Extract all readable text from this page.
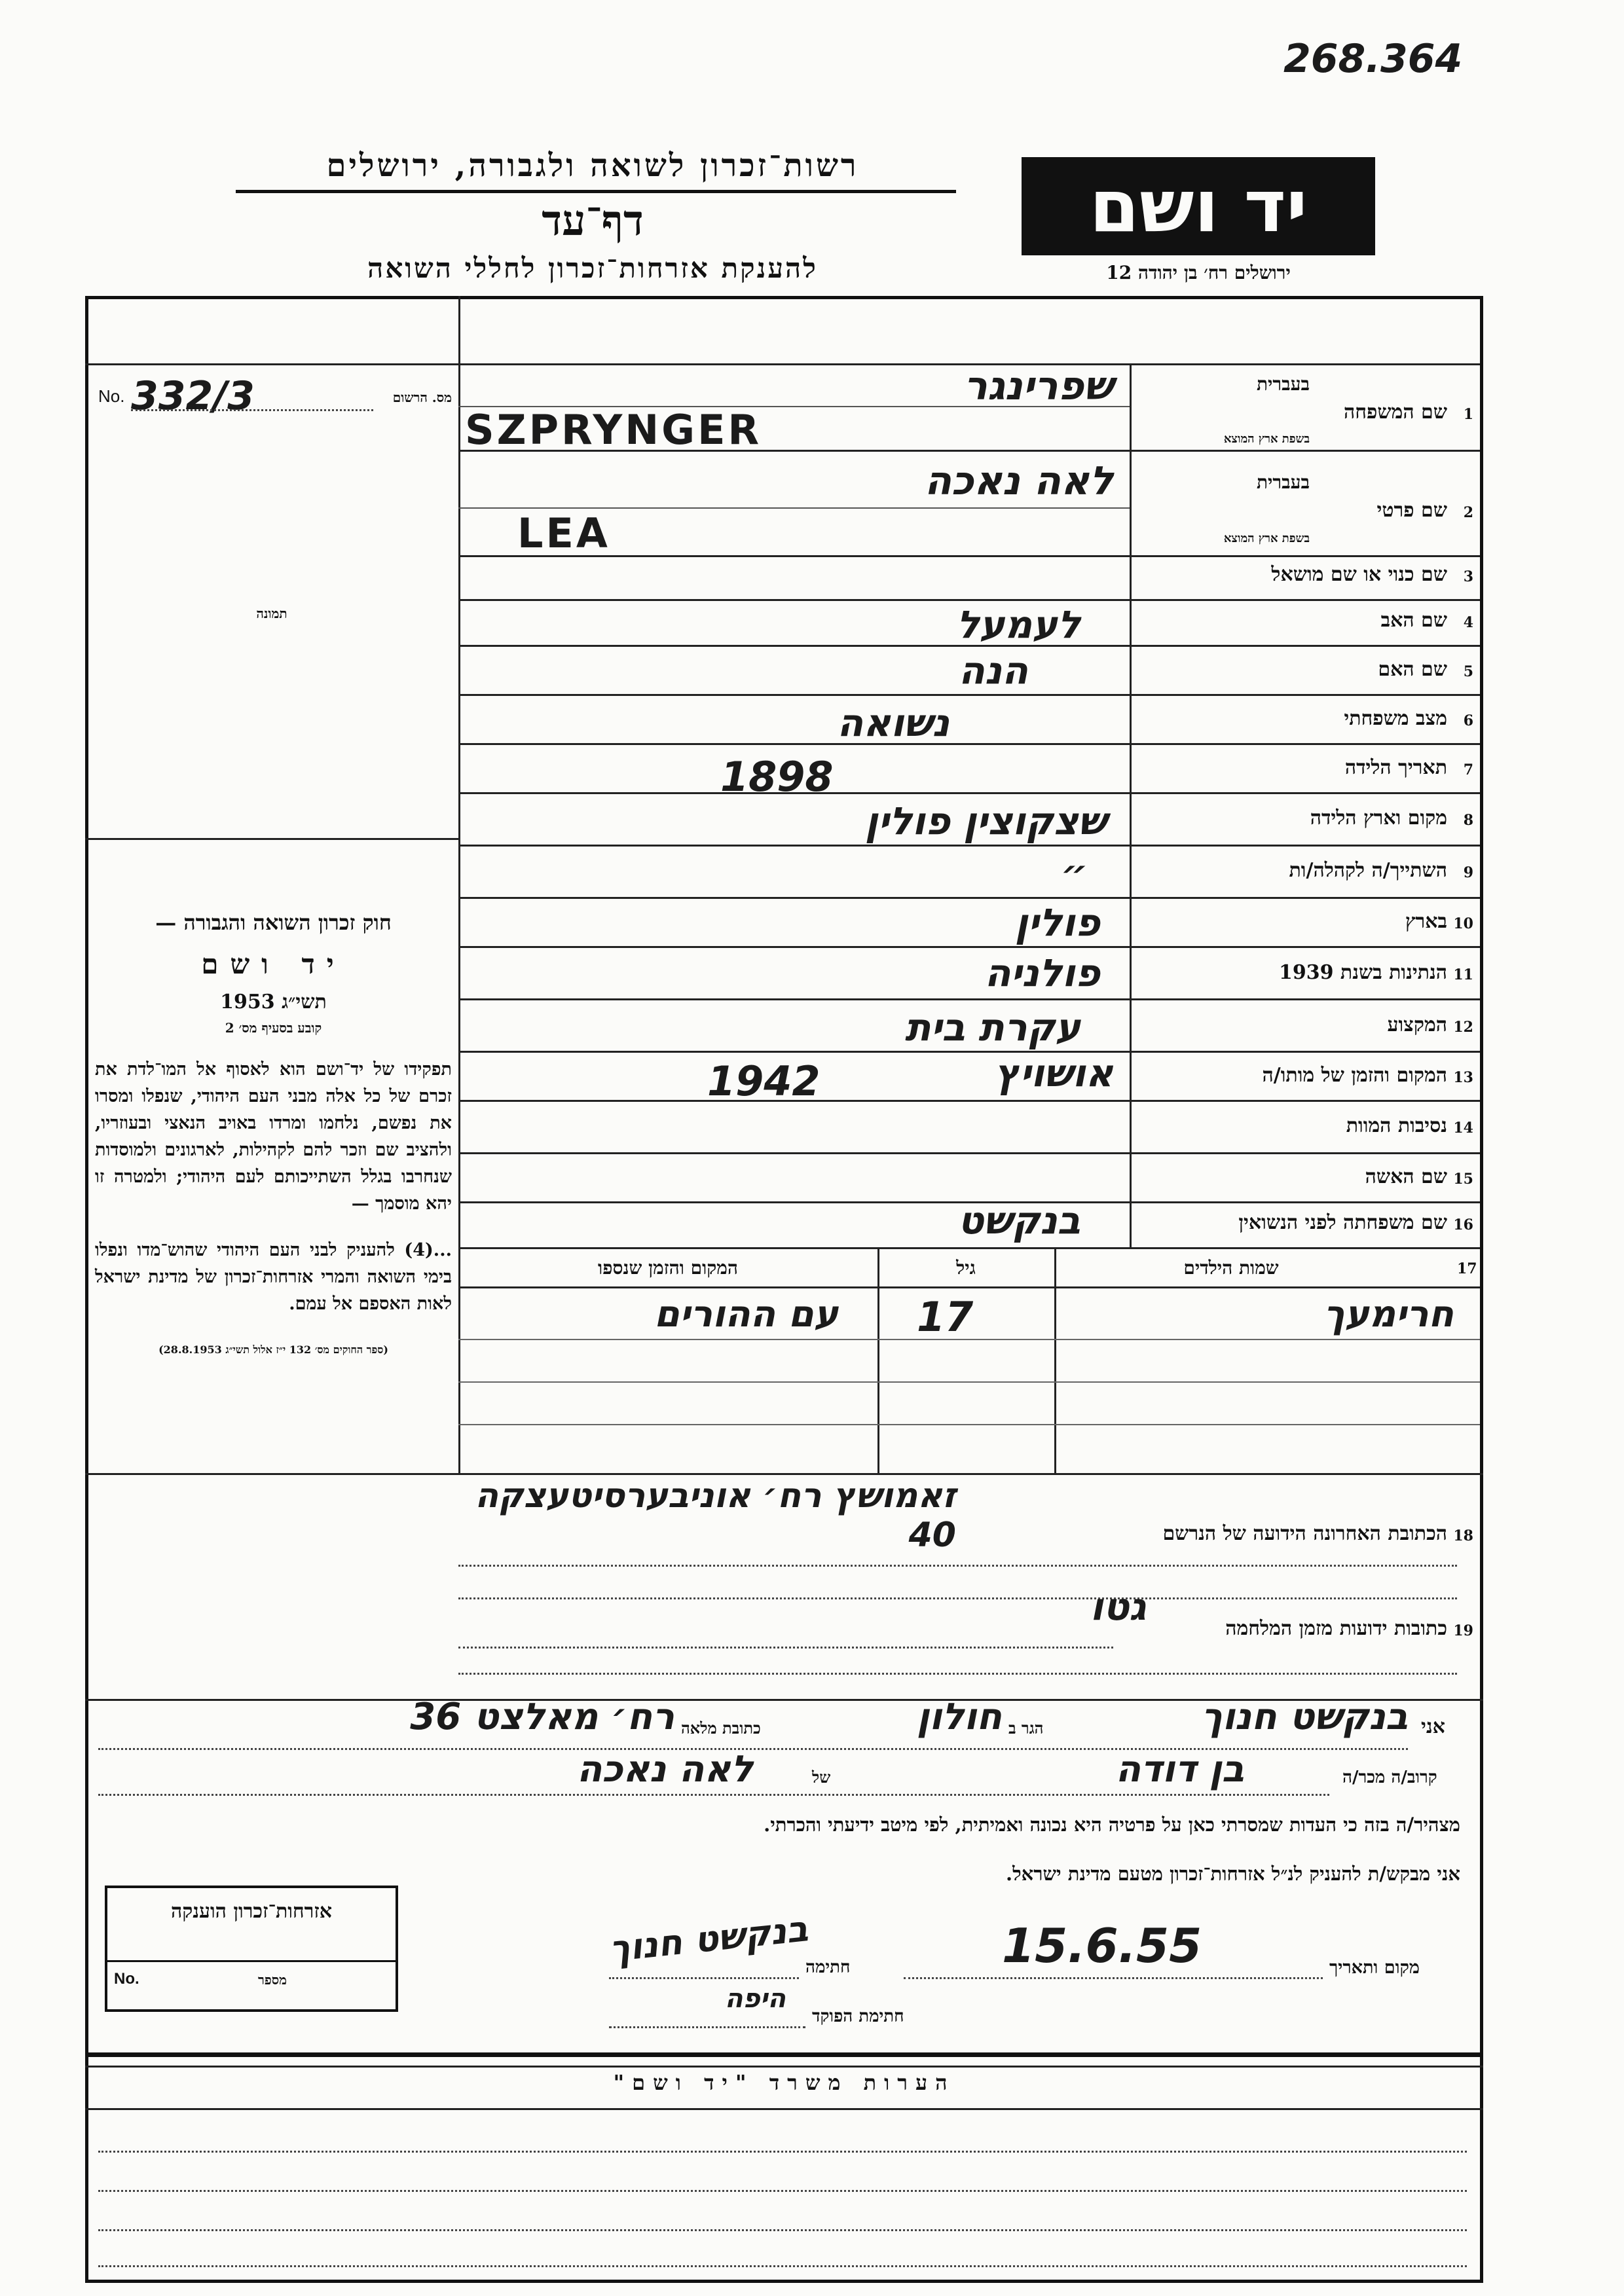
268.364
רשות־זכרון לשואה ולגבורה, ירושלים
דף־עד
להענקת אזרחות־זכרון לחללי השואה
יד ושם
ירושלים רח׳ בן יהודה 12
No. 332/3	מס. הרשום
תמונה
חוק זכרון השואה והגבורה —
יד ושם
תשי״ג 1953
קובע בסעיף מס׳ 2
תפקידו של יד־ושם הוא לאסוף אל המו־לדת את זכרם של כל אלה מבני העם היהודי, שנפלו ומסרו את נפשם, נלחמו ומרדו באויב הנאצי ובעוזריו, ולהציב שם וזכר להם לקהילות, לארגונים ולמוסדות שנחרבו בגלל השתייכותם לעם היהודי; ולמטרה זו יהא מוסמך —
...(4) להעניק לבני העם היהודי שהוש־מדו ונפלו בימי השואה והמרי אזרחות־זכרון של מדינת ישראל לאות האספם אל עמם.
(ספר החוקים מס׳ 132 י״ז אלול תשי״ג 28.8.1953)
1
שם המשפחה
בעברית
בשפת ארץ המוצא
שפרינגר
SZPRYNGER
2
שם פרטי
בעברית
בשפת ארץ המוצא
לאה נאכה
LEA
3
שם כנוי או שם מושאל
4
שם האב
לעמעל
5
שם האם
הנה
6
מצב משפחתי
נשואה
7
תאריך הלידה
1898
8
מקום וארץ הלידה
שצקוצין פולין
9
השתייך/ה לקהלה/ות
״
10
בארץ
פולין
11
הנתינות בשנת 1939
פולניה
12
המקצוע
עקרת בית
13
המקום והזמן של מותו/ה
אושויץ
1942
14
נסיבות המוות
15
שם האשה
16
שם משפחתה לפני הנשואין
בנקשט
17
שמות הילדים
גיל
המקום והזמן שנספו
חרימעך
17
עם ההורים
18
הכתובת האחרונה הידועה של הנרשם
זאמושץ רח׳ אוניבערסיטעצקה 40
19
כתובות ידועות מזמן המלחמה
גטו
אני
בנקשט חנוך
הגר ב
חולון
כתובת מלאה
רח׳ מאלצט 36
קרוב/ה מכר/ה
בן דודה
של
לאה נאכה
מצהיר/ה בזה כי העדות שמסרתי כאן על פרטיה היא נכונה ואמיתית, לפי מיטב ידיעתי והכרתי.
אני מבקש/ת להעניק לנ״ל אזרחות־זכרון מטעם מדינת ישראל.
מקום ותאריך
15.6.55
חתימה
בנקשט חנוך
חתימת הפוקד
היפה
אזרחות־זכרון הוענקה
No.	מספר
הערות משרד "יד ושם"
